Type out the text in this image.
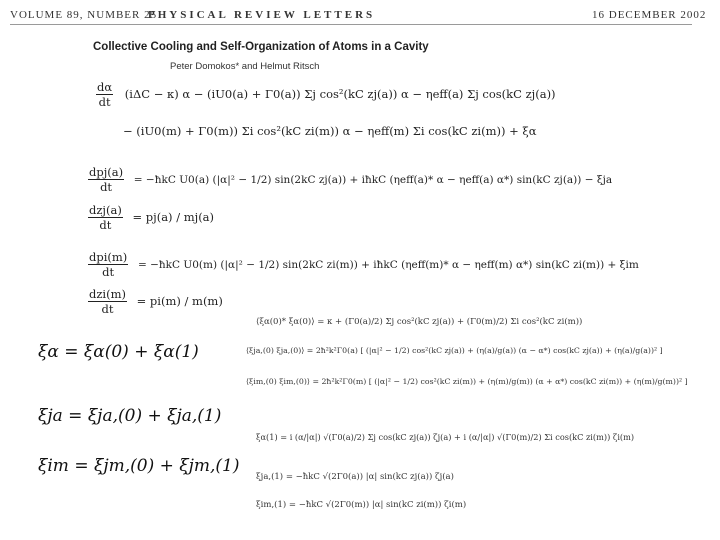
VOLUME 89, NUMBER 25
PHYSICAL REVIEW LETTERS	16 DECEMBER 2002
Collective Cooling and Self-Organization of Atoms in a Cavity
Peter Domokos* and Helmut Ritsch
$\frac{d\alpha}{dt} (i\Delta C - \kappa) \alpha - (iU0(a) + \Gamma 0(a))$ Σj cos²(kC zj(a)) α − ηeff(a) Σj cos(kC zj(a))
− (iU0(m) + Γ0(m)) Σi cos²(kC zi(m)) α − ηeff(m) Σi cos(kC zi(m)) + ξα
$\frac{\text{dpj(a)}}{dt}$ = −ħkC U0(a) (|α|² − 1/2) sin(2kC zj(a)) + iħkC (ηeff(a)* α − ηeff(a) α*) sin(kC zj(a)) − ξja
$\frac{\text{dzj(a)}}{dt} = pj(a) / mj(a)$
$\frac{\text{dpi(m)}}{dt}$ = −ħkC U0(m) (|α|² − 1/2) sin(2kC zi(m)) + iħkC (ηeff(m)* α − ηeff(m) α*) sin(kC zi(m)) + ξim
$\frac{\text{dzi(m)}}{dt} = pi(m) / m(m)$
ξα = ξα(0) + ξα(1)
ξja = ξja,(0) + ξja,(1)
ξim = ξjm,(0) + ξjm,(1)
⟨ξα(0)* ξα(0)⟩ = κ + (Γ0(a)/2) Σj cos²(kC zj(a)) + (Γ0(m)/2) Σi cos²(kC zi(m))
⟨ξja,(0) ξja,(0)⟩ = 2ħ²k²Γ0(a) [ (|α|² − 1/2) cos²(kC zj(a)) + (η(a)/g(a)) (α − α*) cos(kC zj(a)) + (η(a)/g(a))² ]
⟨ξim,(0) ξim,(0)⟩ = 2ħ²k²Γ0(m) [ (|α|² − 1/2) cos²(kC zi(m)) + (η(m)/g(m)) (α + α*) cos(kC zi(m)) + (η(m)/g(m))² ]
ξα(1) = i (α/|α|) √(Γ0(a)/2) Σj cos(kC zj(a)) ζj(a) + i (α/|α|) √(Γ0(m)/2) Σi cos(kC zi(m)) ζi(m)
ξja,(1) = −ħkC √(2Γ0(a)) |α| sin(kC zj(a)) ζj(a)
ξim,(1) = −ħkC √(2Γ0(m)) |α| sin(kC zi(m)) ζi(m)
